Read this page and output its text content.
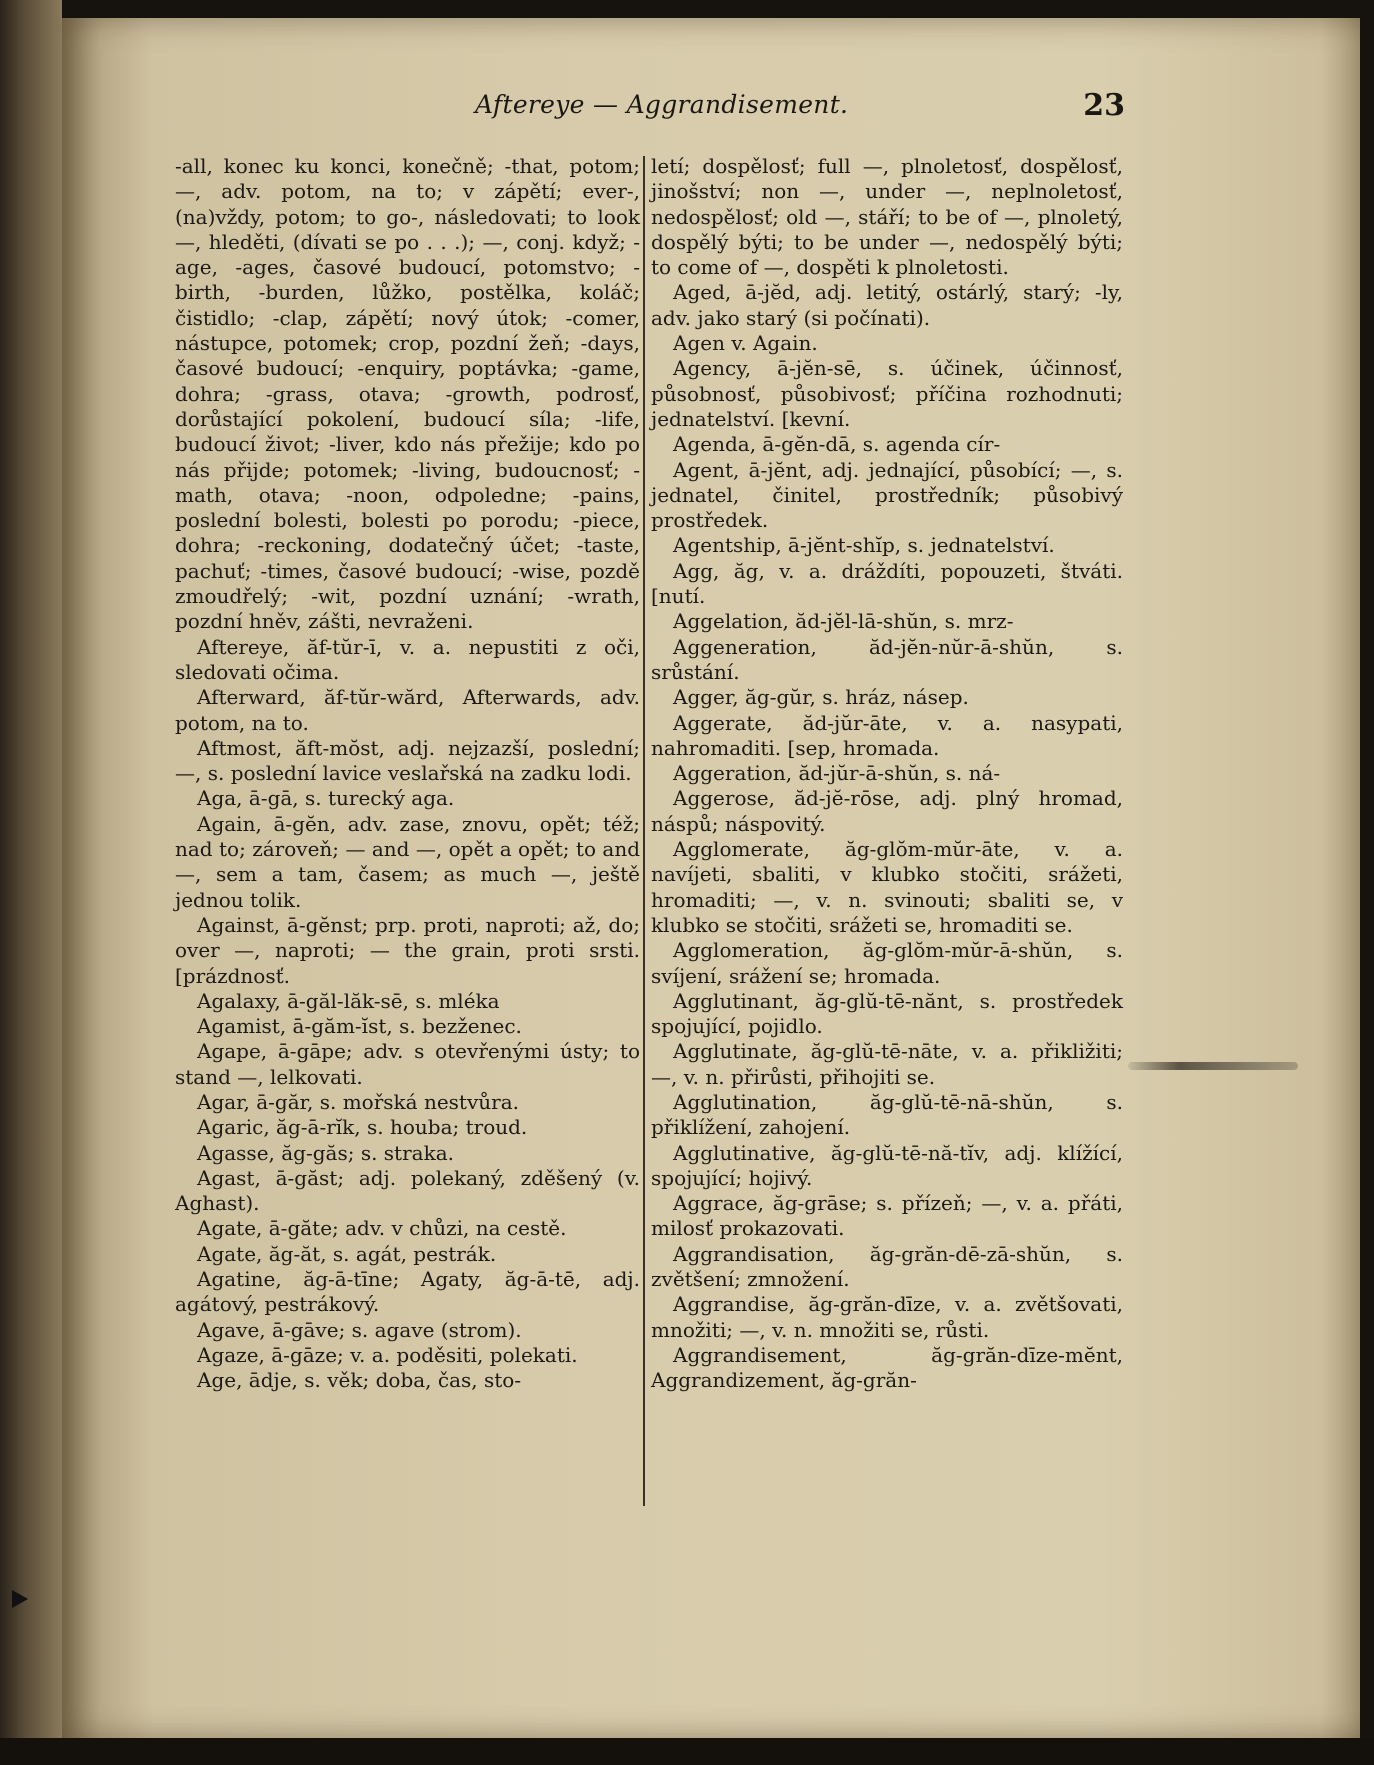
Aftereye — Aggrandisement.	23

-all, konec ku konci, konečně; -that, potom; —, adv. potom, na to; v zápětí; ever-, (na)vždy, potom; to go-, následovati; to look —, hleděti, (dívati se po . . .); —, conj. když; -age, -ages, časové budoucí, potomstvo; -birth, -burden, lůžko, postělka, koláč; čistidlo; -clap, zápětí; nový útok; -comer, nástupce, potomek; crop, pozdní žeň; -days, časové budoucí; -enquiry, poptávka; -game, dohra; -grass, otava; -growth, podrosť, dorůstající pokolení, budoucí síla; -life, budoucí život; -liver, kdo nás přežije; kdo po nás přijde; potomek; -living, budoucnosť; -math, otava; -noon, odpoledne; -pains, poslední bolesti, bolesti po porodu; -piece, dohra; -reckoning, dodatečný účet; -taste, pachuť; -times, časové budoucí; -wise, pozdě zmoudřelý; -wit, pozdní uznání; -wrath, pozdní hněv, zášti, nevraženi.

Aftereye, ăf-tŭr-ī, v. a. nepustiti z oči, sledovati očima.

Afterward, ăf-tŭr-wărd, Afterwards, adv. potom, na to.

Aftmost, ăft-mŏst, adj. nejzazší, poslední; —, s. poslední lavice veslařská na zadku lodi.

Aga, ā-gā, s. turecký aga.

Again, ā-gĕn, adv. zase, znovu, opět; též; nad to; zároveň; — and —, opět a opět; to and —, sem a tam, časem; as much —, ještě jednou tolik.

Against, ā-gĕnst; prp. proti, naproti; až, do; over —, naproti; — the grain, proti srsti. [prázdnosť.

Agalaxy, ā-găl-lăk-sē, s. mléka

Agamist, ā-găm-ĭst, s. bezženec.

Agape, ā-gāpe; adv. s otevřenými ústy; to stand —, lelkovati.

Agar, ā-găr, s. mořská nestvůra.

Agaric, ăg-ā-rĭk, s. houba; troud.

Agasse, ăg-găs; s. straka.

Agast, ā-găst; adj. polekaný, zděšený (v. Aghast).

Agate, ā-găte; adv. v chůzi, na cestě.

Agate, ăg-ăt, s. agát, pestrák.

Agatine, ăg-ā-tīne; Agaty, ăg-ā-tē, adj. agátový, pestrákový.

Agave, ā-gāve; s. agave (strom).

Agaze, ā-gāze; v. a. poděsiti, polekati.

Age, ādje, s. věk; doba, čas, sto-

letí; dospělosť; full —, plnoletosť, dospělosť, jinošství; non —, under —, neplnoletosť, nedospělosť; old —, stáří; to be of —, plnoletý, dospělý býti; to be under —, nedospělý býti; to come of —, dospěti k plnoletosti.

Aged, ā-jĕd, adj. letitý, ostárlý, starý; -ly, adv. jako starý (si počínati).

Agen v. Again.

Agency, ā-jĕn-sē, s. účinek, účinnosť, působnosť, působivosť; příčina rozhodnuti; jednatelství. [kevní.

Agenda, ā-gĕn-dā, s. agenda cír-

Agent, ā-jĕnt, adj. jednající, působící; —, s. jednatel, činitel, prostředník; působivý prostředek.

Agentship, ā-jĕnt-shĭp, s. jednatelství.

Agg, ăg, v. a. dráždíti, popouzeti, štváti. [nutí.

Aggelation, ăd-jĕl-lā-shŭn, s. mrz-

Aggeneration, ăd-jĕn-nŭr-ā-shŭn, s. srůstání.

Agger, ăg-gŭr, s. hráz, násep.

Aggerate, ăd-jŭr-āte, v. a. nasypati, nahromaditi. [sep, hromada.

Aggeration, ăd-jŭr-ā-shŭn, s. ná-

Aggerose, ăd-jĕ-rōse, adj. plný hromad, náspů; náspovitý.

Agglomerate, ăg-glŏm-mŭr-āte, v. a. navíjeti, sbaliti, v klubko stočiti, srážeti, hromaditi; —, v. n. svinouti; sbaliti se, v klubko se stočiti, srážeti se, hromaditi se.

Agglomeration, ăg-glŏm-mŭr-ā-shŭn, s. svíjení, srážení se; hromada.

Agglutinant, ăg-glŭ-tē-nănt, s. prostředek spojující, pojidlo.

Agglutinate, ăg-glŭ-tē-nāte, v. a. přikližiti; —, v. n. přirůsti, přihojiti se.

Agglutination, ăg-glŭ-tē-nā-shŭn, s. přiklížení, zahojení.

Agglutinative, ăg-glŭ-tē-nă-tĭv, adj. klížící, spojující; hojivý.

Aggrace, ăg-grāse; s. přízeň; —, v. a. přáti, milosť prokazovati.

Aggrandisation, ăg-grăn-dē-zā-shŭn, s. zvětšení; zmnožení.

Aggrandise, ăg-grăn-dīze, v. a. zvětšovati, množiti; —, v. n. množiti se, růsti.

Aggrandisement, ăg-grăn-dīze-mĕnt, Aggrandizement, ăg-grăn-
